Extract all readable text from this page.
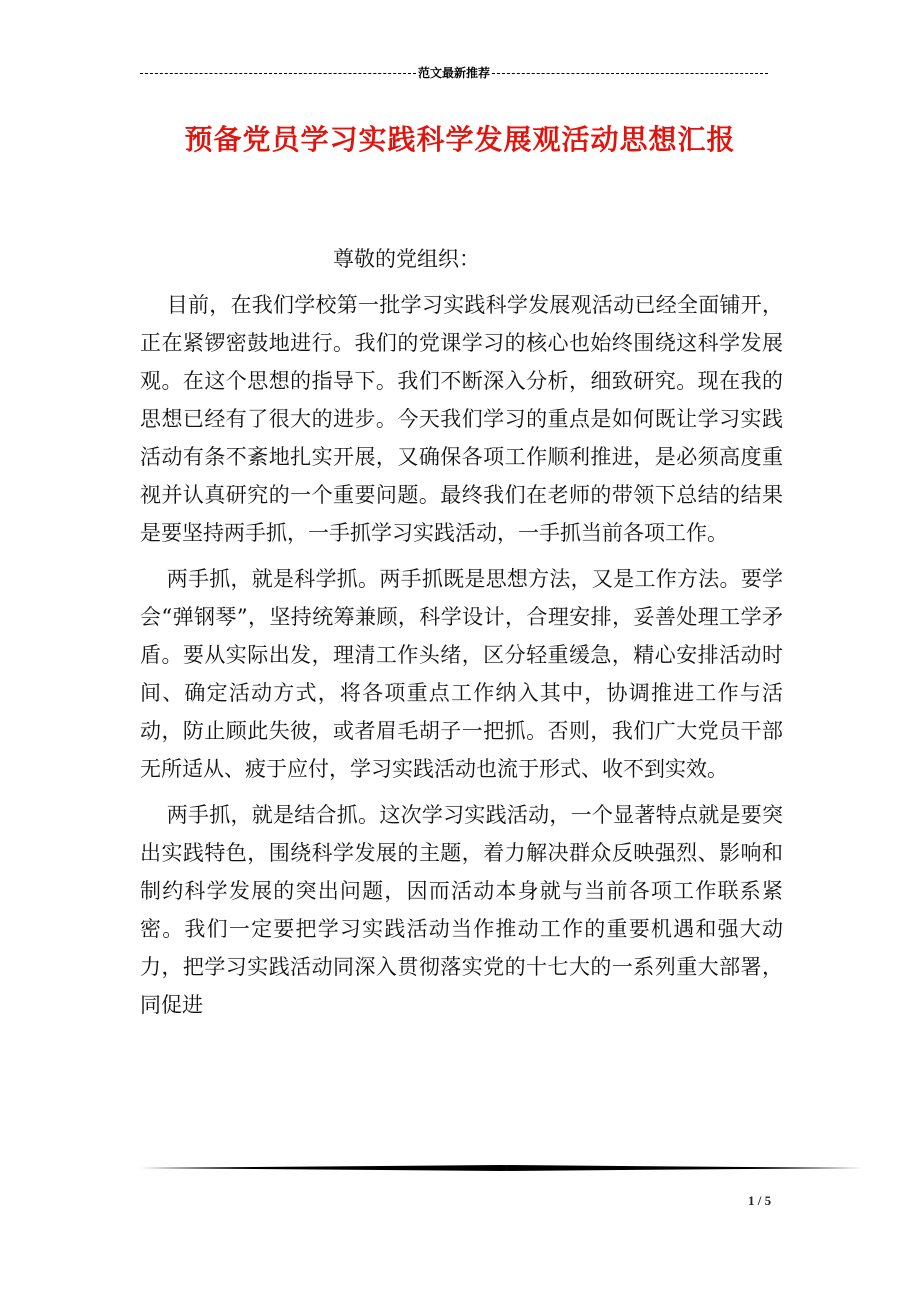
范文最新推荐
预备党员学习实践科学发展观活动思想汇报

尊敬的党组织：

目前，在我们学校第一批学习实践科学发展观活动已经全面铺开，正在紧锣密鼓地进行。我们的党课学习的核心也始终围绕这科学发展观。在这个思想的指导下。我们不断深入分析，细致研究。现在我的思想已经有了很大的进步。今天我们学习的重点是如何既让学习实践活动有条不紊地扎实开展，又确保各项工作顺利推进，是必须高度重视并认真研究的一个重要问题。最终我们在老师的带领下总结的结果是要坚持两手抓，一手抓学习实践活动，一手抓当前各项工作。

两手抓，就是科学抓。两手抓既是思想方法，又是工作方法。要学会“弹钢琴”，坚持统筹兼顾，科学设计，合理安排，妥善处理工学矛盾。要从实际出发，理清工作头绪，区分轻重缓急，精心安排活动时间、确定活动方式，将各项重点工作纳入其中，协调推进工作与活动，防止顾此失彼，或者眉毛胡子一把抓。否则，我们广大党员干部无所适从、疲于应付，学习实践活动也流于形式、收不到实效。

两手抓，就是结合抓。这次学习实践活动，一个显著特点就是要突出实践特色，围绕科学发展的主题，着力解决群众反映强烈、影响和制约科学发展的突出问题，因而活动本身就与当前各项工作联系紧密。我们一定要把学习实践活动当作推动工作的重要机遇和强大动力，把学习实践活动同深入贯彻落实党的十七大的一系列重大部署，同促进

1 / 5
